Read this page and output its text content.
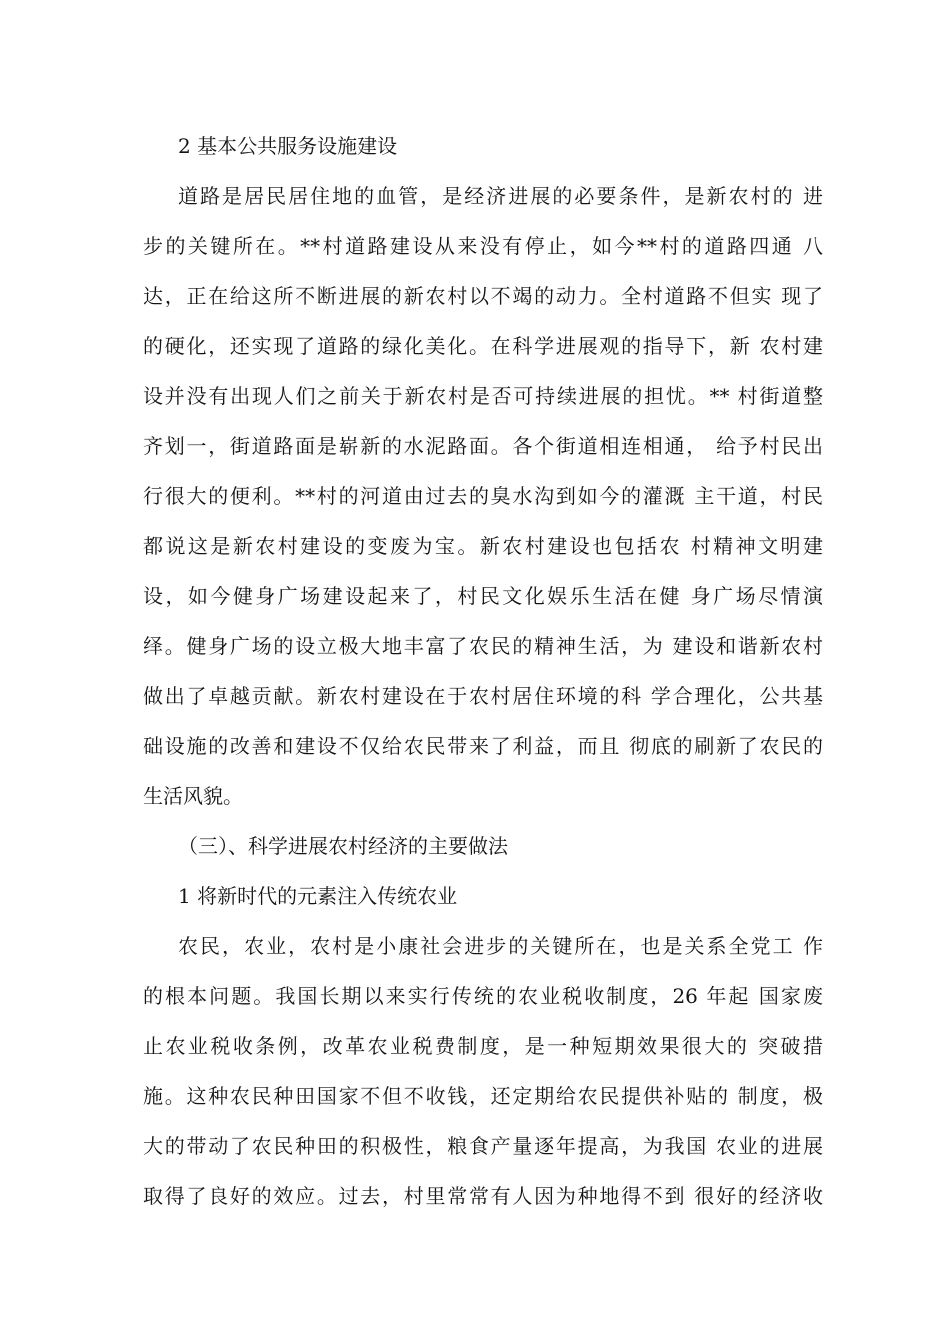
2 基本公共服务设施建设
道路是居民居住地的血管，是经济进展的必要条件，是新农村的 进
步的关键所在。**村道路建设从来没有停止，如今**村的道路四通 八
达，正在给这所不断进展的新农村以不竭的动力。全村道路不但实 现了
的硬化，还实现了道路的绿化美化。在科学进展观的指导下，新 农村建
设并没有出现人们之前关于新农村是否可持续进展的担忧。** 村街道整
齐划一，街道路面是崭新的水泥路面。各个街道相连相通， 给予村民出
行很大的便利。**村的河道由过去的臭水沟到如今的灌溉 主干道，村民
都说这是新农村建设的变废为宝。新农村建设也包括农 村精神文明建
设，如今健身广场建设起来了，村民文化娱乐生活在健 身广场尽情演
绎。健身广场的设立极大地丰富了农民的精神生活，为 建设和谐新农村
做出了卓越贡献。新农村建设在于农村居住环境的科 学合理化，公共基
础设施的改善和建设不仅给农民带来了利益，而且 彻底的刷新了农民的
生活风貌。
（三）、科学进展农村经济的主要做法
1 将新时代的元素注入传统农业
农民，农业，农村是小康社会进步的关键所在，也是关系全党工 作
的根本问题。我国长期以来实行传统的农业税收制度，26 年起 国家废
止农业税收条例，改革农业税费制度，是一种短期效果很大的 突破措
施。这种农民种田国家不但不收钱，还定期给农民提供补贴的 制度，极
大的带动了农民种田的积极性，粮食产量逐年提高，为我国 农业的进展
取得了良好的效应。过去，村里常常有人因为种地得不到 很好的经济收
